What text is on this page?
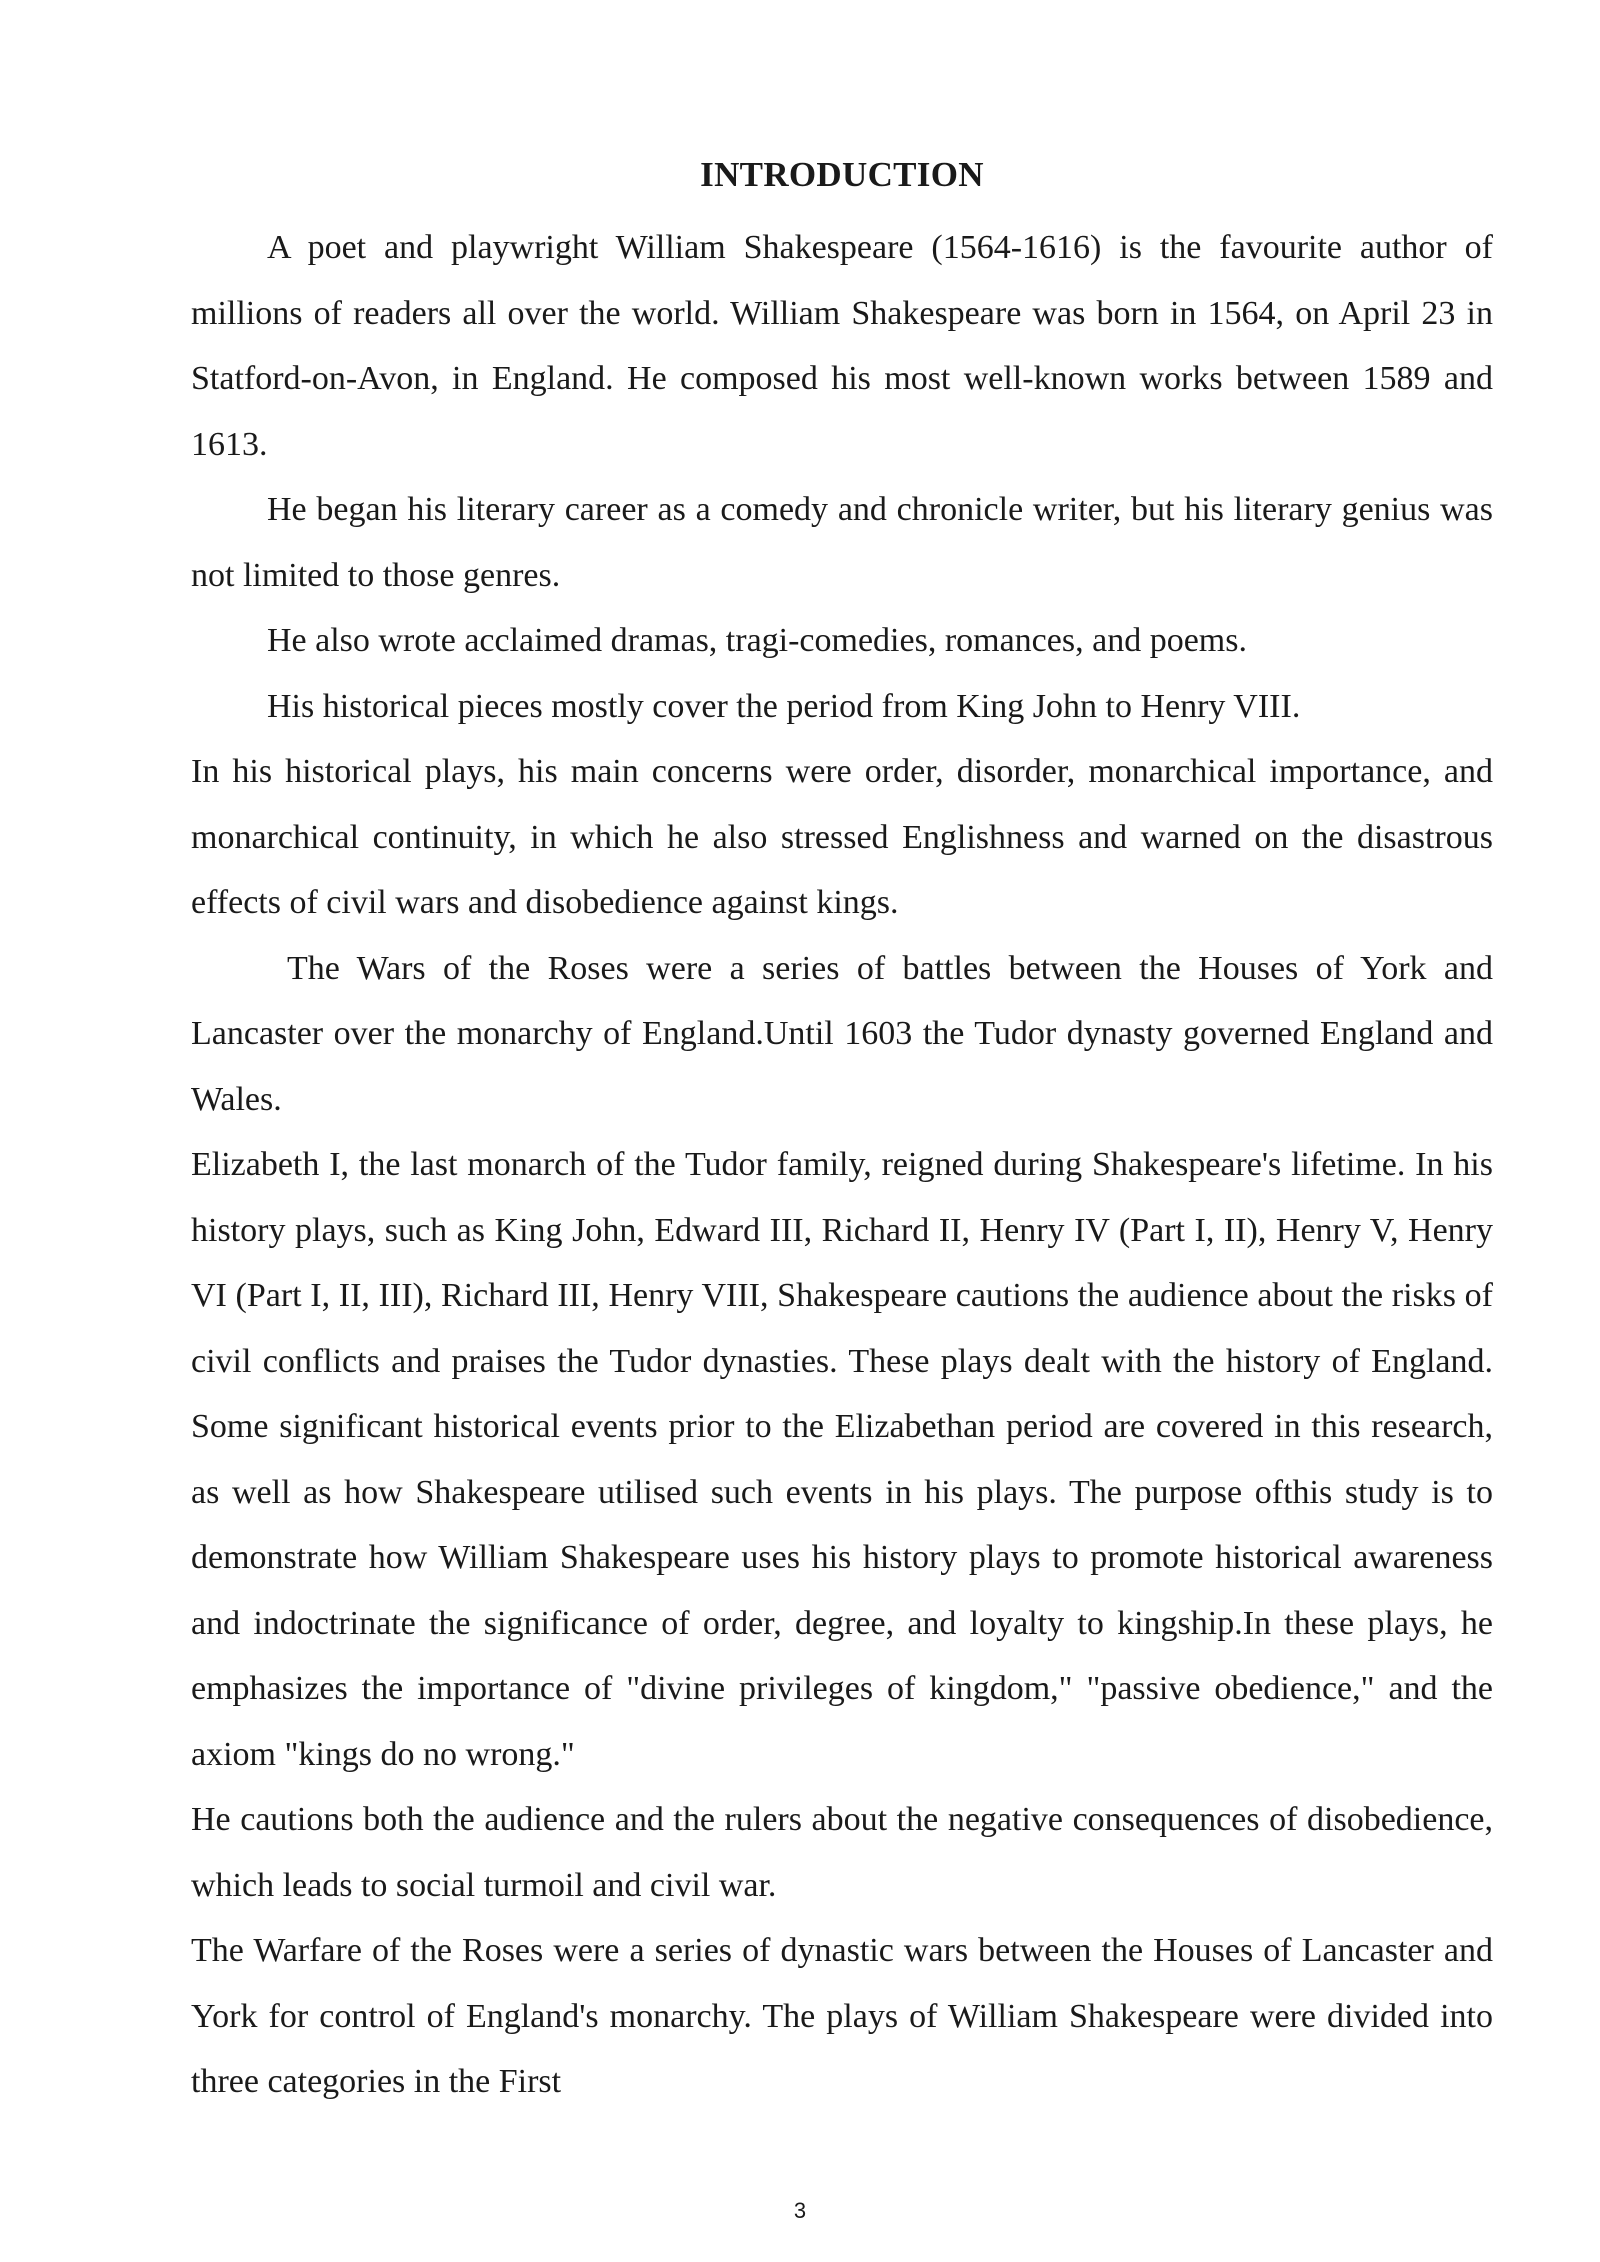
INTRODUCTION

A poet and playwright William Shakespeare (1564-1616) is the favourite author of millions of readers all over the world. William Shakespeare was born in 1564, on April 23 in Statford-on-Avon, in England. He composed his most well-known works between 1589 and 1613.

He began his literary career as a comedy and chronicle writer, but his literary genius was not limited to those genres.

He also wrote acclaimed dramas, tragi-comedies, romances, and poems.

His historical pieces mostly cover the period from King John to Henry VIII.

In his historical plays, his main concerns were order, disorder, monarchical importance, and monarchical continuity, in which he also stressed Englishness and warned on the disastrous effects of civil wars and disobedience against kings.

The Wars of the Roses were a series of battles between the Houses of York and Lancaster over the monarchy of England.Until 1603 the Tudor dynasty governed England and Wales.

Elizabeth I, the last monarch of the Tudor family, reigned during Shakespeare's lifetime. In his history plays, such as King John, Edward III, Richard II, Henry IV (Part I, II), Henry V, Henry VI (Part I, II, III), Richard III, Henry VIII, Shakespeare cautions the audience about the risks of civil conflicts and praises the Tudor dynasties. These plays dealt with the history of England. Some significant historical events prior to the Elizabethan period are covered in this research, as well as how Shakespeare utilised such events in his plays. The purpose ofthis study is to demonstrate how William Shakespeare uses his history plays to promote historical awareness and indoctrinate the significance of order, degree, and loyalty to kingship.In these plays, he emphasizes the importance of "divine privileges of kingdom," "passive obedience," and the axiom "kings do no wrong."

He cautions both the audience and the rulers about the negative consequences of disobedience, which leads to social turmoil and civil war.

The Warfare of the Roses were a series of dynastic wars between the Houses of Lancaster and York for control of England's monarchy. The plays of William Shakespeare were divided into three categories in the First

3
